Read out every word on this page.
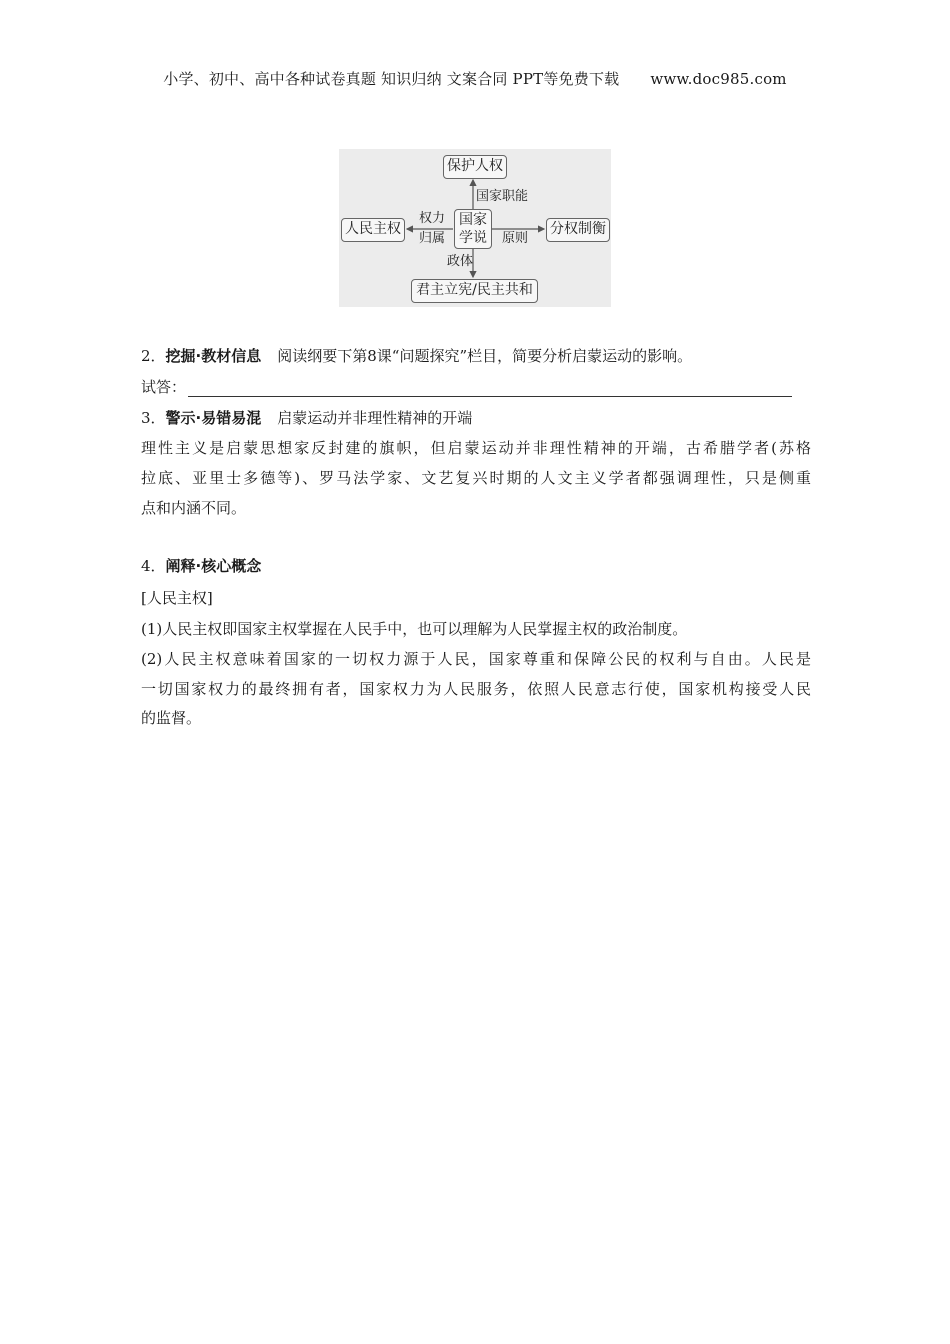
小学、初中、高中各种试卷真题 知识归纳 文案合同 PPT等免费下载 www.doc985.com
保护人权
人民主权	分权制衡
君主立宪/民主共和
国家
学说
国家职能
权力
归属	原则
政体
2．挖掘·教材信息 阅读纲要下第8课“问题探究”栏目，简要分析启蒙运动的影响。
试答：
3．警示·易错易混 启蒙运动并非理性精神的开端
理性主义是启蒙思想家反封建的旗帜，但启蒙运动并非理性精神的开端，古希腊学者(苏格
拉底、亚里士多德等)、罗马法学家、文艺复兴时期的人文主义学者都强调理性，只是侧重
点和内涵不同。
4．阐释·核心概念
[人民主权]
(1)人民主权即国家主权掌握在人民手中，也可以理解为人民掌握主权的政治制度。
(2)人民主权意味着国家的一切权力源于人民，国家尊重和保障公民的权利与自由。人民是
一切国家权力的最终拥有者，国家权力为人民服务，依照人民意志行使，国家机构接受人民
的监督。
